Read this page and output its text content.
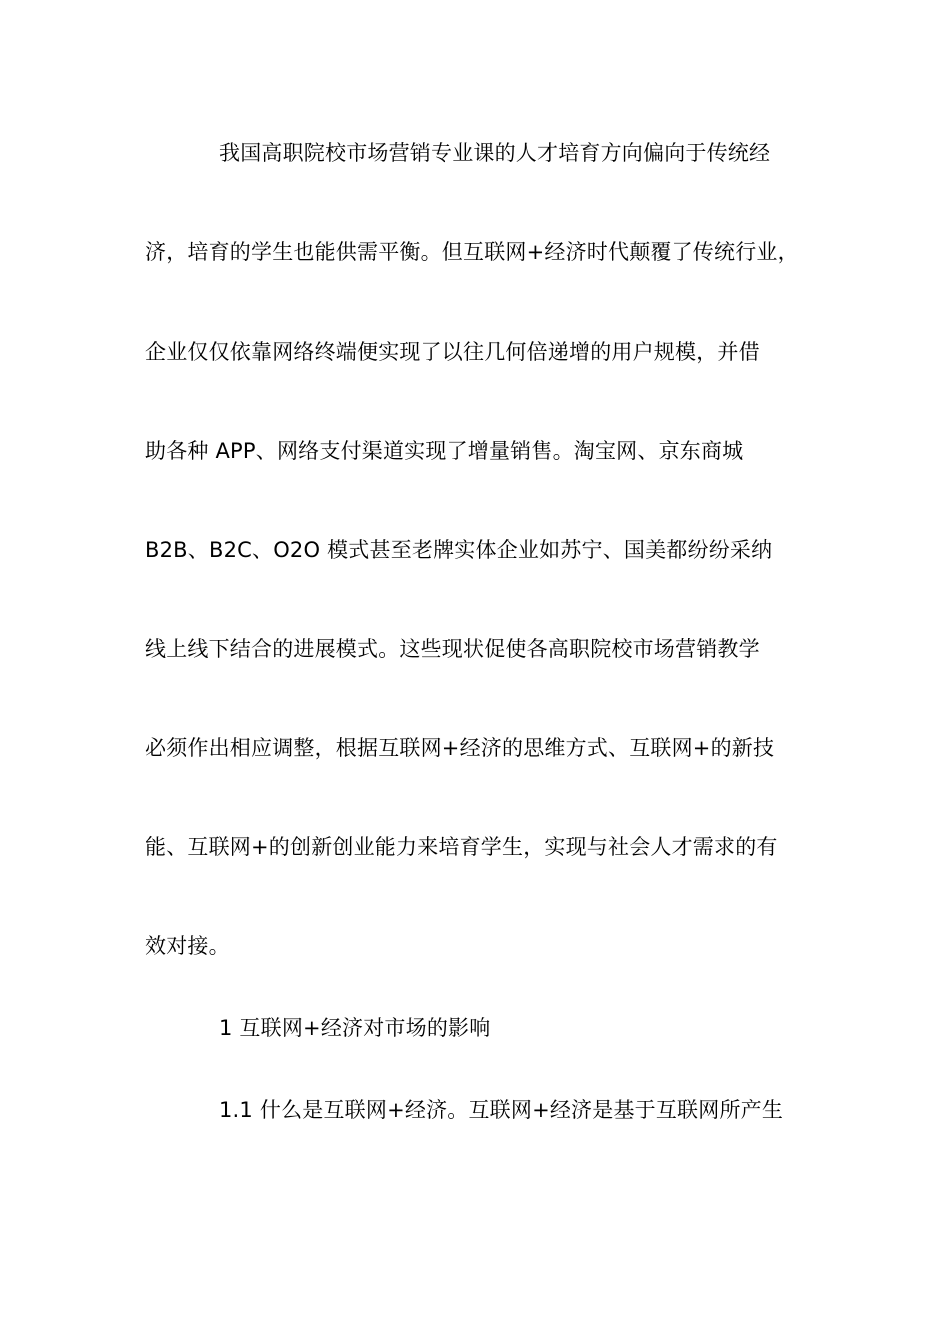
我国高职院校市场营销专业课的人才培育方向偏向于传统经
济，培育的学生也能供需平衡。但互联网+经济时代颠覆了传统行业，
企业仅仅依靠网络终端便实现了以往几何倍递增的用户规模，并借
助各种 APP、网络支付渠道实现了增量销售。淘宝网、京东商城
B2B、B2C、O2O 模式甚至老牌实体企业如苏宁、国美都纷纷采纳
线上线下结合的进展模式。这些现状促使各高职院校市场营销教学
必须作出相应调整，根据互联网+经济的思维方式、互联网+的新技
能、互联网+的创新创业能力来培育学生，实现与社会人才需求的有
效对接。
1 互联网+经济对市场的影响
1.1 什么是互联网+经济。互联网+经济是基于互联网所产生
